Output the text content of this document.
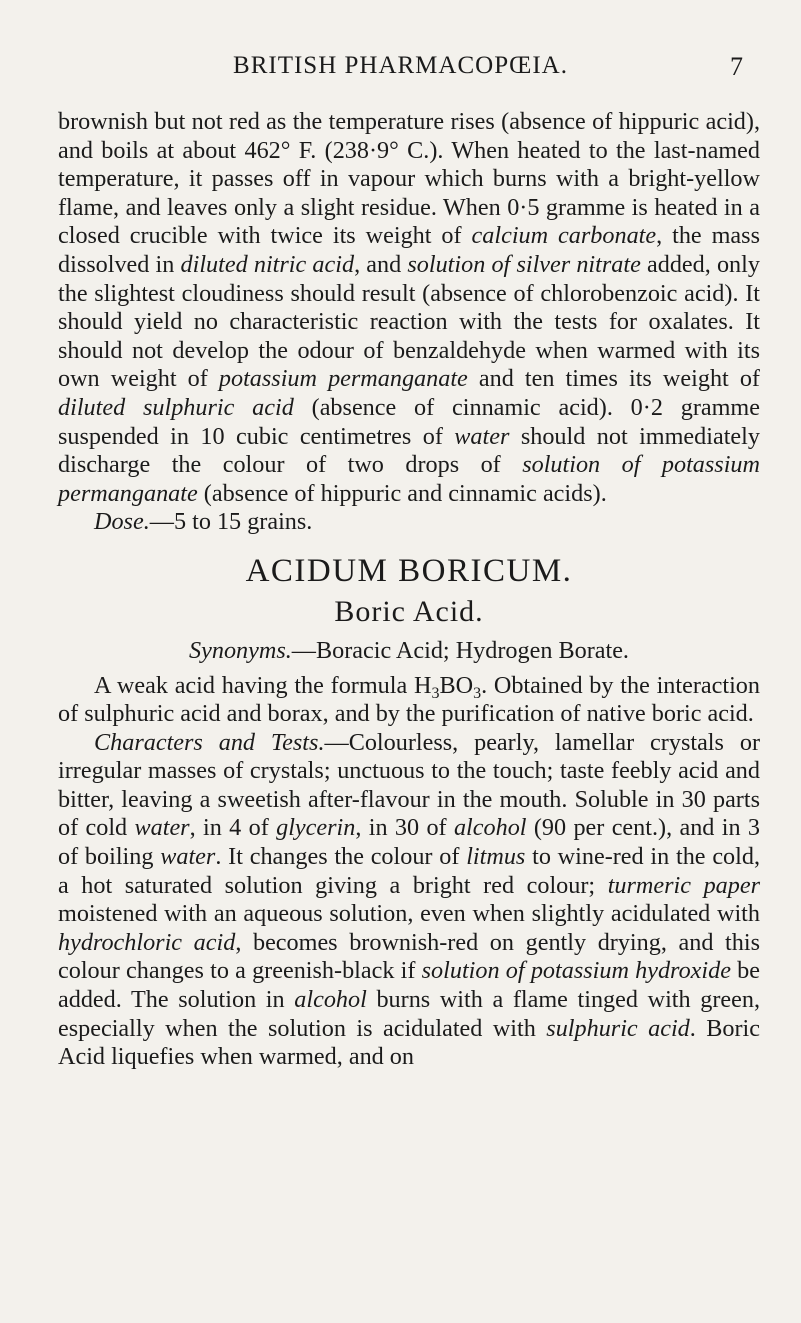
BRITISH PHARMACOPŒIA.	7

brownish but not red as the temperature rises (absence of hippuric acid), and boils at about 462° F. (238·9° C.). When heated to the last-named temperature, it passes off in vapour which burns with a bright-yellow flame, and leaves only a slight residue. When 0·5 gramme is heated in a closed crucible with twice its weight of calcium carbonate, the mass dissolved in diluted nitric acid, and solution of silver nitrate added, only the slightest cloudiness should result (absence of chlorobenzoic acid). It should yield no characteristic reaction with the tests for oxalates. It should not develop the odour of benzaldehyde when warmed with its own weight of potassium permanganate and ten times its weight of diluted sulphuric acid (absence of cinnamic acid). 0·2 gramme suspended in 10 cubic centimetres of water should not immediately discharge the colour of two drops of solution of potassium permanganate (absence of hippuric and cinnamic acids).

Dose.—5 to 15 grains.

ACIDUM BORICUM.

Boric Acid.

Synonyms.—Boracic Acid; Hydrogen Borate.

A weak acid having the formula $H_3BO_3$. Obtained by the interaction of sulphuric acid and borax, and by the purification of native boric acid.

Characters and Tests.—Colourless, pearly, lamellar crystals or irregular masses of crystals; unctuous to the touch; taste feebly acid and bitter, leaving a sweetish after-flavour in the mouth. Soluble in 30 parts of cold water, in 4 of glycerin, in 30 of alcohol (90 per cent.), and in 3 of boiling water. It changes the colour of litmus to wine-red in the cold, a hot saturated solution giving a bright red colour; turmeric paper moistened with an aqueous solution, even when slightly acidulated with hydrochloric acid, becomes brownish-red on gently drying, and this colour changes to a greenish-black if solution of potassium hydroxide be added. The solution in alcohol burns with a flame tinged with green, especially when the solution is acidulated with sulphuric acid. Boric Acid liquefies when warmed, and on
